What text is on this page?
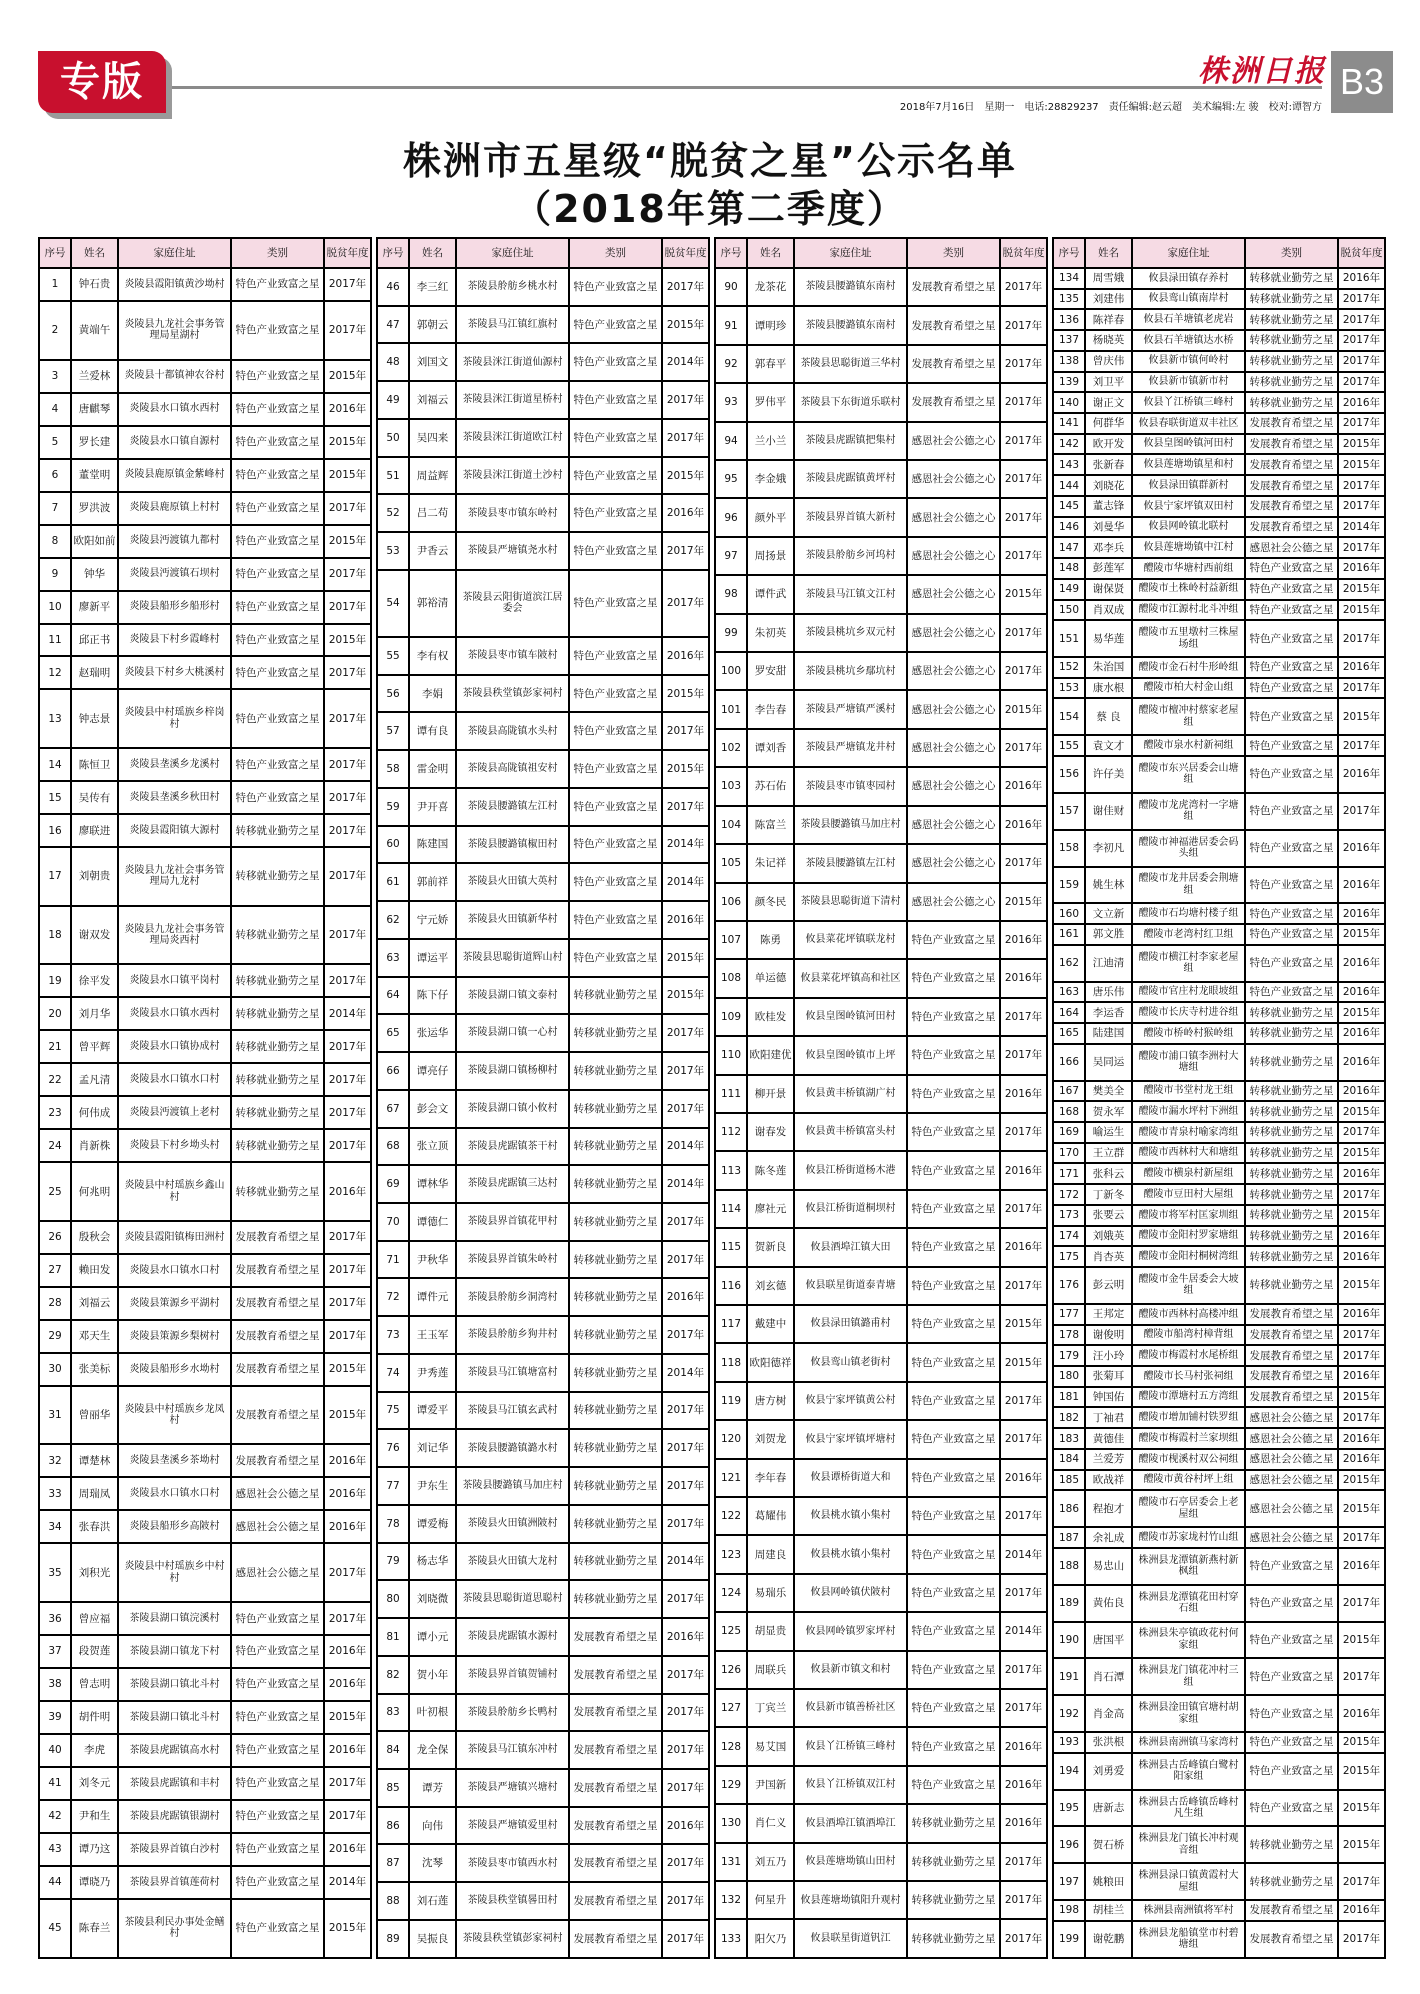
专版	株洲日报 B3
2018年7月16日 星期一 电话:28829237 责任编辑:赵云超 美术编辑:左 骏 校对:谭智方
株洲市五星级“脱贫之星”公示名单
（2018年第二季度）
序号	姓名	家庭住址	类别	脱贫年度
1	钟石贵	炎陵县霞阳镇黄沙坳村	特色产业致富之星	2017年
2	黄端午	炎陵县九龙社会事务管理局星湖村	特色产业致富之星	2017年
3	兰爱林	炎陵县十都镇神农谷村	特色产业致富之星	2015年
4	唐麒琴	炎陵县水口镇水西村	特色产业致富之星	2016年
5	罗长建	炎陵县水口镇自源村	特色产业致富之星	2015年
6	董堂明	炎陵县鹿原镇金紫峰村	特色产业致富之星	2015年
7	罗洪波	炎陵县鹿原镇上村村	特色产业致富之星	2017年
8	欧阳如前	炎陵县沔渡镇九都村	特色产业致富之星	2015年
9	钟华	炎陵县沔渡镇石坝村	特色产业致富之星	2017年
10	廖新平	炎陵县船形乡船形村	特色产业致富之星	2017年
11	邱正书	炎陵县下村乡霞峰村	特色产业致富之星	2015年
12	赵瑞明	炎陵县下村乡大桃溪村	特色产业致富之星	2017年
13	钟志景	炎陵县中村瑶族乡梓岗村	特色产业致富之星	2017年
14	陈恒卫	炎陵县垄溪乡龙溪村	特色产业致富之星	2017年
15	吴传有	炎陵县垄溪乡秋田村	特色产业致富之星	2017年
16	廖联进	炎陵县霞阳镇大源村	转移就业勤劳之星	2017年
17	刘朝贵	炎陵县九龙社会事务管理局九龙村	转移就业勤劳之星	2017年
18	谢双发	炎陵县九龙社会事务管理局炎西村	转移就业勤劳之星	2017年
19	徐平发	炎陵县水口镇平岗村	转移就业勤劳之星	2017年
20	刘月华	炎陵县水口镇水西村	转移就业勤劳之星	2014年
21	曾平辉	炎陵县水口镇协成村	转移就业勤劳之星	2017年
22	孟凡清	炎陵县水口镇水口村	转移就业勤劳之星	2017年
23	何伟成	炎陵县沔渡镇上老村	转移就业勤劳之星	2017年
24	肖新株	炎陵县下村乡坳头村	转移就业勤劳之星	2017年
25	何兆明	炎陵县中村瑶族乡鑫山村	转移就业勤劳之星	2016年
26	殷秋会	炎陵县霞阳镇梅田洲村	发展教育希望之星	2017年
27	赖田发	炎陵县水口镇水口村	发展教育希望之星	2017年
28	刘福云	炎陵县策源乡平湖村	发展教育希望之星	2017年
29	邓天生	炎陵县策源乡梨树村	发展教育希望之星	2017年
30	张美标	炎陵县船形乡水坳村	发展教育希望之星	2015年
31	曾丽华	炎陵县中村瑶族乡龙凤村	发展教育希望之星	2015年
32	谭楚林	炎陵县垄溪乡茶坳村	发展教育希望之星	2016年
33	周瑞凤	炎陵县水口镇水口村	感恩社会公德之星	2016年
34	张春洪	炎陵县船形乡高陂村	感恩社会公德之星	2016年
35	刘积光	炎陵县中村瑶族乡中村村	感恩社会公德之星	2017年
36	曾应福	茶陵县湖口镇浣溪村	特色产业致富之星	2017年
37	段贺莲	茶陵县湖口镇龙下村	特色产业致富之星	2016年
38	曾志明	茶陵县湖口镇北斗村	特色产业致富之星	2016年
39	胡件明	茶陵县湖口镇北斗村	特色产业致富之星	2015年
40	李虎	茶陵县虎踞镇高水村	特色产业致富之星	2016年
41	刘冬元	茶陵县虎踞镇和丰村	特色产业致富之星	2017年
42	尹和生	茶陵县虎踞镇银湖村	特色产业致富之星	2017年
43	谭乃这	茶陵县界首镇白沙村	特色产业致富之星	2016年
44	谭晓乃	茶陵县界首镇莲荷村	特色产业致富之星	2014年
45	陈春兰	茶陵县利民办事处金鳝村	特色产业致富之星	2015年
序号	姓名	家庭住址	类别	脱贫年度
46	李三红	茶陵县舲舫乡桃水村	特色产业致富之星	2017年
47	郭朝云	茶陵县马江镇红旗村	特色产业致富之星	2015年
48	刘国文	茶陵县洣江街道仙源村	特色产业致富之星	2014年
49	刘福云	茶陵县洣江街道星桥村	特色产业致富之星	2017年
50	吴四来	茶陵县洣江街道欧江村	特色产业致富之星	2017年
51	周益辉	茶陵县洣江街道土沙村	特色产业致富之星	2015年
52	吕二苟	茶陵县枣市镇东岭村	特色产业致富之星	2016年
53	尹香云	茶陵县严塘镇尧水村	特色产业致富之星	2017年
54	郭裕清	茶陵县云阳街道滨江居委会	特色产业致富之星	2017年
55	李有权	茶陵县枣市镇车陂村	特色产业致富之星	2016年
56	李娟	茶陵县秩堂镇彭家祠村	特色产业致富之星	2015年
57	谭有良	茶陵县高陇镇水头村	特色产业致富之星	2017年
58	雷金明	茶陵县高陇镇祖安村	特色产业致富之星	2015年
59	尹开喜	茶陵县腰潞镇左江村	特色产业致富之星	2017年
60	陈建国	茶陵县腰潞镇椒田村	特色产业致富之星	2014年
61	郭前祥	茶陵县火田镇大英村	特色产业致富之星	2014年
62	宁元娇	茶陵县火田镇新华村	特色产业致富之星	2016年
63	谭运平	茶陵县思聪街道辉山村	特色产业致富之星	2015年
64	陈下仔	茶陵县湖口镇文泰村	转移就业勤劳之星	2015年
65	张运华	茶陵县湖口镇一心村	转移就业勤劳之星	2017年
66	谭亮仔	茶陵县湖口镇杨柳村	转移就业勤劳之星	2017年
67	彭会文	茶陵县湖口镇小攸村	转移就业勤劳之星	2017年
68	张立顶	茶陵县虎踞镇茶干村	转移就业勤劳之星	2014年
69	谭林华	茶陵县虎踞镇三达村	转移就业勤劳之星	2014年
70	谭德仁	茶陵县界首镇花甲村	转移就业勤劳之星	2017年
71	尹秋华	茶陵县界首镇朱岭村	转移就业勤劳之星	2017年
72	谭件元	茶陵县舲舫乡洞湾村	转移就业勤劳之星	2016年
73	王玉军	茶陵县舲舫乡狗井村	转移就业勤劳之星	2017年
74	尹秀莲	茶陵县马江镇塘富村	转移就业勤劳之星	2014年
75	谭爱平	茶陵县马江镇玄武村	转移就业勤劳之星	2017年
76	刘记华	茶陵县腰潞镇潞水村	转移就业勤劳之星	2017年
77	尹东生	茶陵县腰潞镇马加庄村	转移就业勤劳之星	2017年
78	谭爱梅	茶陵县火田镇洲陂村	转移就业勤劳之星	2017年
79	杨志华	茶陵县火田镇大龙村	转移就业勤劳之星	2014年
80	刘晓微	茶陵县思聪街道思聪村	转移就业勤劳之星	2017年
81	谭小元	茶陵县虎踞镇水源村	发展教育希望之星	2016年
82	贺小年	茶陵县界首镇贺铺村	发展教育希望之星	2017年
83	叶初根	茶陵县舲舫乡长鸭村	发展教育希望之星	2017年
84	龙全保	茶陵县马江镇东冲村	发展教育希望之星	2017年
85	谭芳	茶陵县严塘镇兴塘村	发展教育希望之星	2017年
86	向伟	茶陵县严塘镇爱里村	发展教育希望之星	2016年
87	沈琴	茶陵县枣市镇西水村	发展教育希望之星	2017年
88	刘石莲	茶陵县秩堂镇晷田村	发展教育希望之星	2017年
89	吴振良	茶陵县秩堂镇彭家祠村	发展教育希望之星	2017年
序号	姓名	家庭住址	类别	脱贫年度
90	龙茶花	茶陵县腰潞镇东南村	发展教育希望之星	2017年
91	谭明珍	茶陵县腰潞镇东南村	发展教育希望之星	2017年
92	郭春平	茶陵县思聪街道三华村	发展教育希望之星	2017年
93	罗伟平	茶陵县下东街道乐联村	发展教育希望之星	2017年
94	兰小兰	茶陵县虎踞镇把集村	感恩社会公德之心	2017年
95	李金娥	茶陵县虎踞镇黄坪村	感恩社会公德之心	2017年
96	颜外平	茶陵县界首镇大新村	感恩社会公德之心	2017年
97	周扬景	茶陵县舲舫乡河坞村	感恩社会公德之心	2017年
98	谭件武	茶陵县马江镇文江村	感恩社会公德之心	2015年
99	朱初英	茶陵县桃坑乡双元村	感恩社会公德之心	2017年
100	罗安甜	茶陵县桃坑乡鄢坑村	感恩社会公德之心	2017年
101	李告春	茶陵县严塘镇严溪村	感恩社会公德之心	2015年
102	谭刘香	茶陵县严塘镇龙井村	感恩社会公德之心	2017年
103	苏石佑	茶陵县枣市镇枣园村	感恩社会公德之心	2016年
104	陈富兰	茶陵县腰潞镇马加庄村	感恩社会公德之心	2016年
105	朱记祥	茶陵县腰潞镇左江村	感恩社会公德之心	2017年
106	颜冬民	茶陵县思聪街道下清村	感恩社会公德之心	2015年
107	陈勇	攸县菜花坪镇联龙村	特色产业致富之星	2016年
108	单运德	攸县菜花坪镇高和社区	特色产业致富之星	2016年
109	欧桂发	攸县皇图岭镇河田村	特色产业致富之星	2017年
110	欧阳建优	攸县皇图岭镇市上坪	特色产业致富之星	2017年
111	柳开景	攸县黄丰桥镇湖广村	特色产业致富之星	2016年
112	谢春发	攸县黄丰桥镇富头村	特色产业致富之星	2017年
113	陈冬莲	攸县江桥街道杨木港	特色产业致富之星	2016年
114	廖社元	攸县江桥街道桐坝村	特色产业致富之星	2017年
115	贺新良	攸县酒埠江镇大田	特色产业致富之星	2016年
116	刘玄德	攸县联星街道泰青塘	特色产业致富之星	2017年
117	戴建中	攸县渌田镇潞甫村	特色产业致富之星	2015年
118	欧阳德祥	攸县鸾山镇老街村	特色产业致富之星	2015年
119	唐方树	攸县宁家坪镇黄公村	特色产业致富之星	2017年
120	刘贺龙	攸县宁家坪镇坪塘村	特色产业致富之星	2017年
121	李年春	攸县谭桥街道大和	特色产业致富之星	2016年
122	葛耀伟	攸县桃水镇小集村	特色产业致富之星	2017年
123	周建良	攸县桃水镇小集村	特色产业致富之星	2014年
124	易瑞乐	攸县网岭镇伏陂村	特色产业致富之星	2017年
125	胡显贵	攸县网岭镇罗家坪村	特色产业致富之星	2014年
126	周联兵	攸县新市镇文和村	特色产业致富之星	2017年
127	丁宾兰	攸县新市镇善桥社区	特色产业致富之星	2017年
128	易艾国	攸县丫江桥镇三峰村	特色产业致富之星	2016年
129	尹国新	攸县丫江桥镇双江村	特色产业致富之星	2016年
130	肖仁义	攸县酒埠江镇酒埠江	转移就业勤劳之星	2016年
131	刘五乃	攸县莲塘坳镇山田村	转移就业勤劳之星	2017年
132	何星升	攸县莲塘坳镇阳升观村	转移就业勤劳之星	2017年
133	阳欠乃	攸县联星街道钒江	转移就业勤劳之星	2017年
序号	姓名	家庭住址	类别	脱贫年度
134	周雪娥	攸县渌田镇存养村	转移就业勤劳之星	2016年
135	刘建伟	攸县鸾山镇南岸村	转移就业勤劳之星	2017年
136	陈祥春	攸县石羊塘镇老虎岩	转移就业勤劳之星	2017年
137	杨晓英	攸县石羊塘镇达水桥	转移就业勤劳之星	2017年
138	曾庆伟	攸县新市镇何岭村	转移就业勤劳之星	2017年
139	刘卫平	攸县新市镇新市村	转移就业勤劳之星	2017年
140	谢正文	攸县丫江桥镇三峰村	转移就业勤劳之星	2016年
141	何群华	攸县春联街道双丰社区	发展教育希望之星	2017年
142	欧开发	攸县皇图岭镇河田村	发展教育希望之星	2015年
143	张新春	攸县莲塘坳镇星和村	发展教育希望之星	2015年
144	刘晓花	攸县渌田镇群新村	发展教育希望之星	2017年
145	董志锋	攸县宁家坪镇双田村	发展教育希望之星	2017年
146	刘曼华	攸县网岭镇北联村	发展教育希望之星	2014年
147	邓李兵	攸县莲塘坳镇中江村	感恩社会公德之星	2017年
148	彭莲军	醴陵市华塘村西前组	特色产业致富之星	2016年
149	谢保贤	醴陵市土株岭村益新组	特色产业致富之星	2015年
150	肖双成	醴陵市江源村北斗冲组	特色产业致富之星	2015年
151	易华莲	醴陵市五里墩村三株屋场组	特色产业致富之星	2017年
152	朱治国	醴陵市金石村牛形岭组	特色产业致富之星	2016年
153	康水根	醴陵市柏大村金山组	特色产业致富之星	2017年
154	蔡 良	醴陵市檀冲村蔡家老屋组	特色产业致富之星	2015年
155	袁文才	醴陵市泉水村新祠组	特色产业致富之星	2017年
156	许仔美	醴陵市东兴居委会山塘组	特色产业致富之星	2016年
157	谢佳财	醴陵市龙虎湾村一字塘组	特色产业致富之星	2017年
158	李初凡	醴陵市神福港居委会码头组	特色产业致富之星	2016年
159	姚生林	醴陵市龙井居委会荆塘组	特色产业致富之星	2016年
160	文立新	醴陵市石均塘村楼子组	特色产业致富之星	2016年
161	郭文胜	醴陵市老湾村红卫组	特色产业致富之星	2015年
162	江迪清	醴陵市横江村李家老屋组	特色产业致富之星	2016年
163	唐乐伟	醴陵市官庄村龙眼坡组	特色产业致富之星	2016年
164	李运香	醴陵市长庆寺村进谷组	转移就业勤劳之星	2015年
165	陆建国	醴陵市桥岭村猴岭组	转移就业勤劳之星	2016年
166	吴同运	醴陵市浦口镇李洲村大塘组	转移就业勤劳之星	2016年
167	樊美全	醴陵市书堂村龙王组	转移就业勤劳之星	2016年
168	贺永军	醴陵市漏水坪村下洲组	转移就业勤劳之星	2015年
169	喻运生	醴陵市青泉村喻家湾组	转移就业勤劳之星	2017年
170	王立群	醴陵市西林村大和塘组	转移就业勤劳之星	2015年
171	张科云	醴陵市横泉村新屋组	转移就业勤劳之星	2016年
172	丁新冬	醴陵市豆田村大屋组	转移就业勤劳之星	2017年
173	张要云	醴陵市将军村匡家圳组	转移就业勤劳之星	2015年
174	刘娥英	醴陵市金阳村罗家塘组	转移就业勤劳之星	2016年
175	肖杏英	醴陵市金阳村桐树湾组	转移就业勤劳之星	2016年
176	彭云明	醴陵市金牛居委会大坡组	转移就业勤劳之星	2015年
177	王邦定	醴陵市西林村高楼冲组	发展教育希望之星	2016年
178	谢俊明	醴陵市船湾村樟背组	发展教育希望之星	2017年
179	汪小玲	醴陵市梅霞村水尾桥组	发展教育希望之星	2017年
180	张菊耳	醴陵市长马村张祠组	发展教育希望之星	2016年
181	钟国佑	醴陵市潭塘村五方湾组	发展教育希望之星	2015年
182	丁袖君	醴陵市增加铺村铁罗组	感恩社会公德之星	2017年
183	黄德佳	醴陵市梅霞村兰家坝组	感恩社会公德之星	2016年
184	兰爱芳	醴陵市枧溪村双公祠组	感恩社会公德之星	2016年
185	欧战祥	醴陵市黄谷村坪上组	感恩社会公德之星	2015年
186	程抱才	醴陵市石亭居委会上老屋组	感恩社会公德之星	2015年
187	余礼成	醴陵市苏家垅村竹山组	感恩社会公德之星	2017年
188	易忠山	株洲县龙潭镇新燕村新枫组	特色产业致富之星	2016年
189	黄佑良	株洲县龙潭镇花田村穿石组	特色产业致富之星	2017年
190	唐国平	株洲县朱亭镇政花村何家组	特色产业致富之星	2015年
191	肖石潭	株洲县龙门镇花冲村三组	特色产业致富之星	2017年
192	肖金高	株洲县淦田镇官塘村胡家组	特色产业致富之星	2016年
193	张洪根	株洲县南洲镇马家湾村	特色产业致富之星	2015年
194	刘勇爱	株洲县古岳峰镇白鹭村阳家组	特色产业致富之星	2015年
195	唐新志	株洲县古岳峰镇岳峰村凡生组	特色产业致富之星	2015年
196	贺石桥	株洲县龙门镇长冲村观音组	转移就业勤劳之星	2015年
197	姚粮田	株洲县渌口镇黄霞村大屋组	转移就业勤劳之星	2017年
198	胡桂兰	株洲县南洲镇将军村	发展教育希望之星	2016年
199	谢乾鹏	株洲县龙船镇堂市村碧塘组	发展教育希望之星	2017年
